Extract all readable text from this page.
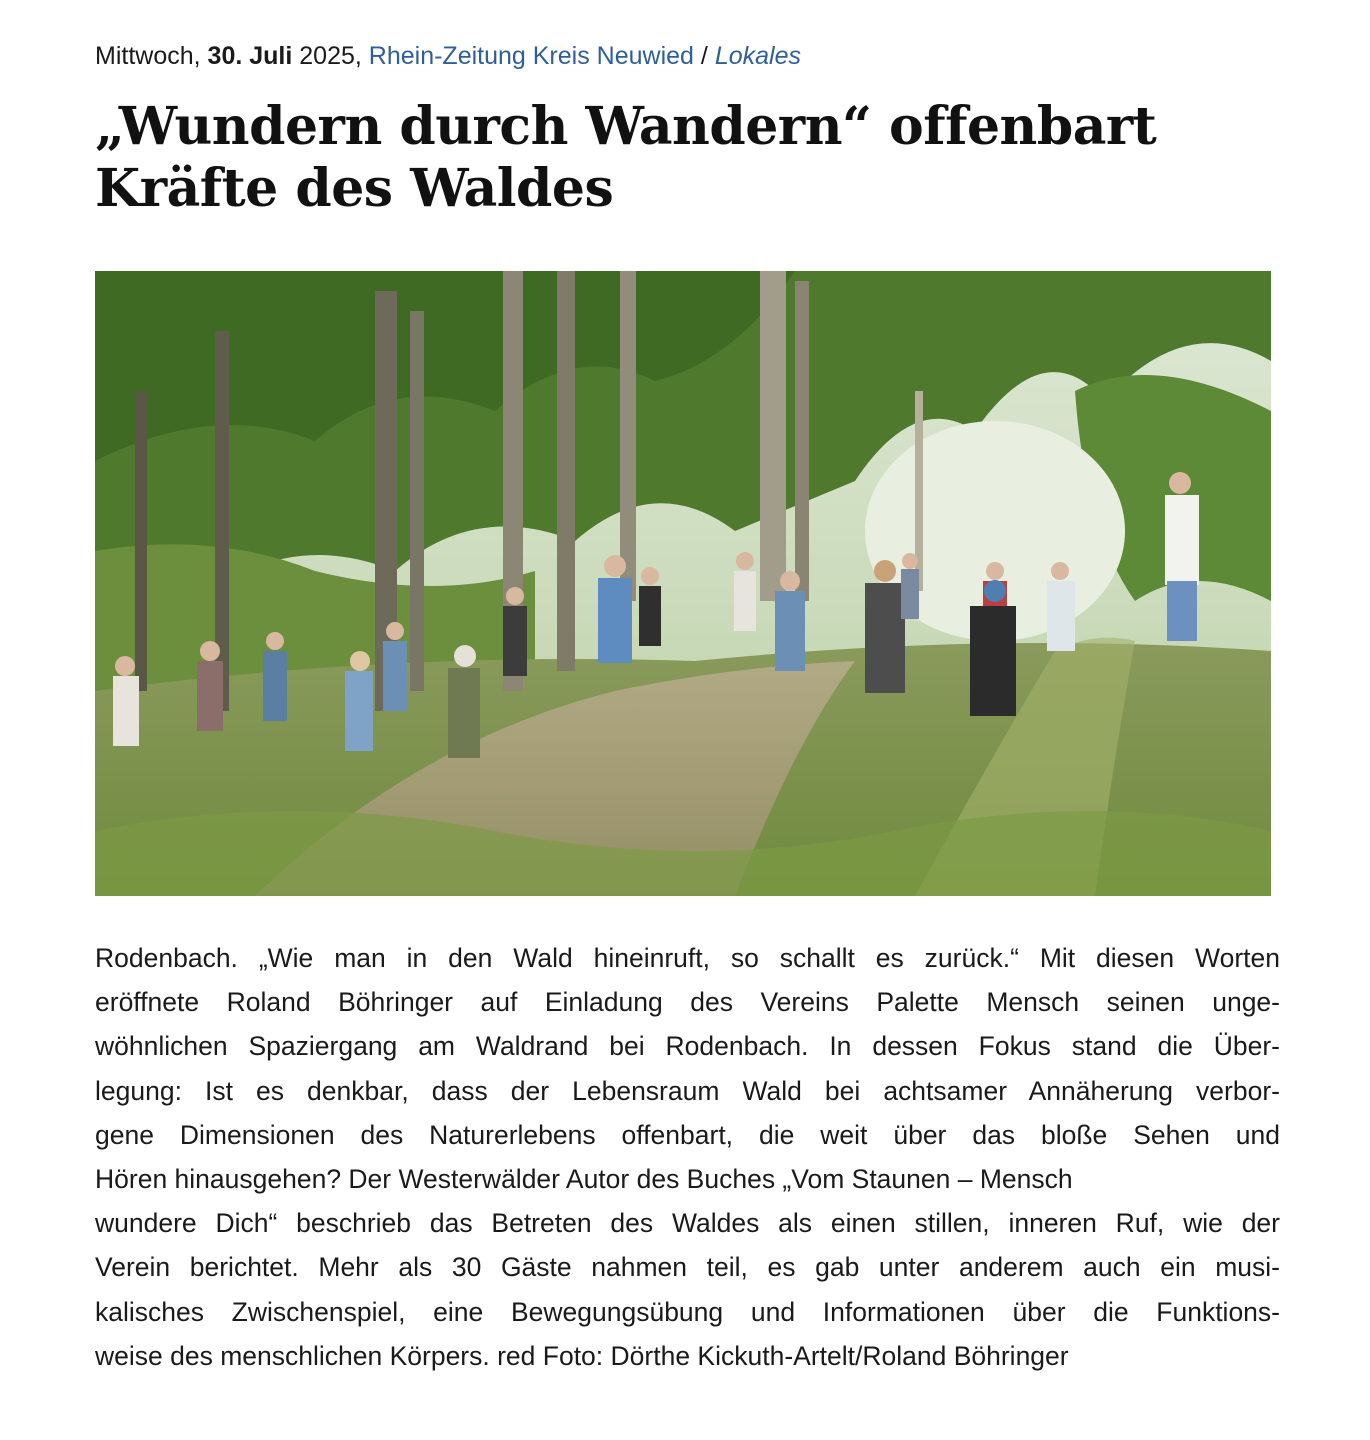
Mittwoch, 30. Juli 2025, Rhein-Zeitung Kreis Neuwied / Lokales
„Wundern durch Wandern“ offenbart
Kräfte des Waldes
Rodenbach. „Wie man in den Wald hineinruft, so schallt es zurück.“ Mit diesen Worten
eröffnete Roland Böhringer auf Einladung des Vereins Palette Mensch seinen unge-
wöhnlichen Spaziergang am Waldrand bei Rodenbach. In dessen Fokus stand die Über-
legung: Ist es denkbar, dass der Lebensraum Wald bei achtsamer Annäherung verbor-
gene Dimensionen des Naturerlebens offenbart, die weit über das bloße Sehen und
Hören hinausgehen? Der Westerwälder Autor des Buches „Vom Staunen – Mensch
wundere Dich“ beschrieb das Betreten des Waldes als einen stillen, inneren Ruf, wie der
Verein berichtet. Mehr als 30 Gäste nahmen teil, es gab unter anderem auch ein musi-
kalisches Zwischenspiel, eine Bewegungsübung und Informationen über die Funktions-
weise des menschlichen Körpers. red Foto: Dörthe Kickuth-Artelt/Roland Böhringer
